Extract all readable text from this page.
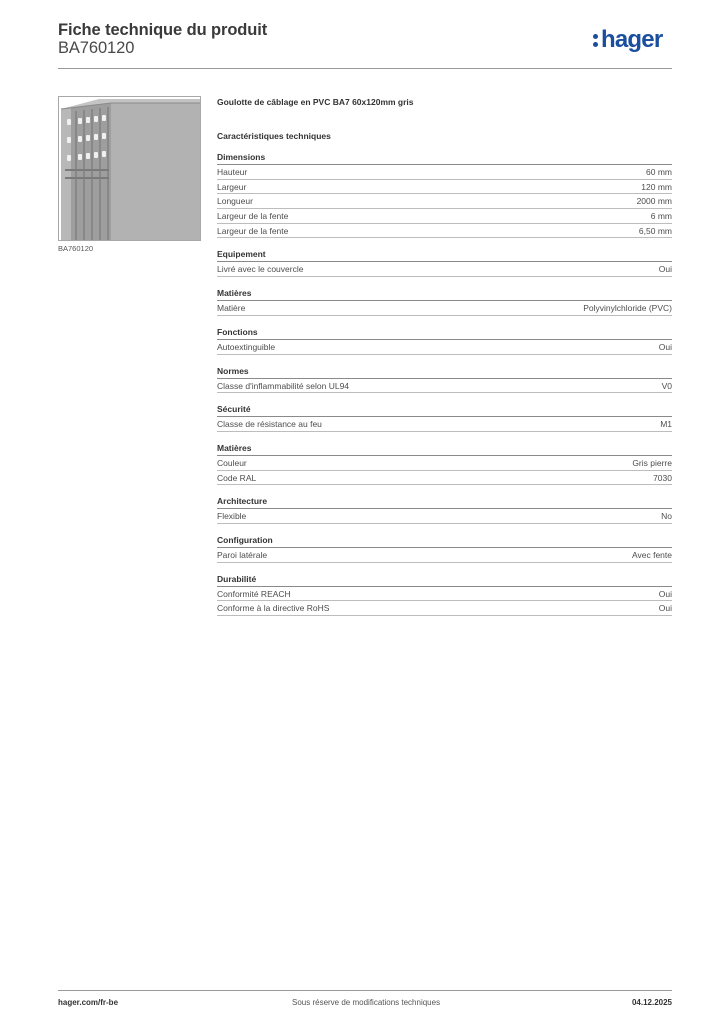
Fiche technique du produit
BA760120	hager
BA760120
Goulotte de câblage en PVC BA7 60x120mm gris
Caractéristiques techniques
Dimensions
Hauteur	60 mm
Largeur	120 mm
Longueur	2000 mm
Largeur de la fente	6 mm
Largeur de la fente	6,50 mm
Equipement
Livré avec le couvercle	Oui
Matières
Matière	Polyvinylchloride (PVC)
Fonctions
Autoextinguible	Oui
Normes
Classe d'inflammabilité selon UL94	V0
Sécurité
Classe de résistance au feu	M1
Matières
Couleur	Gris pierre
Code RAL	7030
Architecture
Flexible	No
Configuration
Paroi latérale	Avec fente
Durabilité
Conformité REACH	Oui
Conforme à la directive RoHS	Oui
hager.com/fr-be	Sous réserve de modifications techniques	04.12.2025
